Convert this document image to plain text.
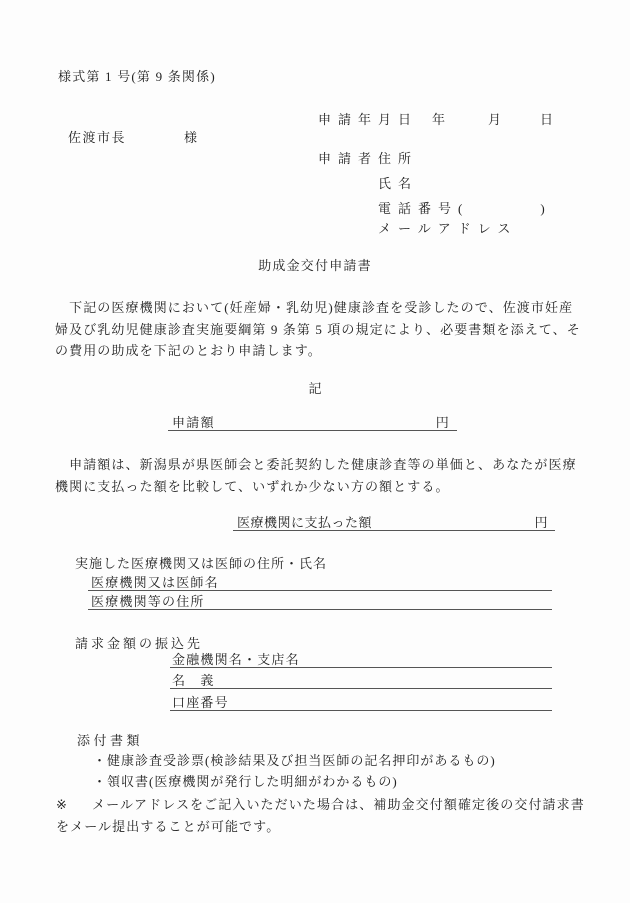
様式第 1 号(第 9 条関係)
申請年月日 年	月 日
佐渡市長	様
申請者住所
氏名
電話番号(	)
メールアドレス
助成金交付申請書
　下記の医療機関において(妊産婦・乳幼児)健康診査を受診したので、佐渡市妊産
婦及び乳幼児健康診査実施要綱第 9 条第 5 項の規定により、必要書類を添えて、そ
の費用の助成を下記のとおり申請します。
記
申請額	円
　申請額は、新潟県が県医師会と委託契約した健康診査等の単価と、あなたが医療
機関に支払った額を比較して、いずれか少ない方の額とする。
医療機関に支払った額	円
実施した医療機関又は医師の住所・氏名
医療機関又は医師名
医療機関等の住所
請求金額の振込先
金融機関名・支店名
名　義
口座番号
添付書類
・健康診査受診票(検診結果及び担当医師の記名押印があるもの)
・領収書(医療機関が発行した明細がわかるもの)
※	メールアドレスをご記入いただいた場合は、補助金交付額確定後の交付請求書
をメール提出することが可能です。
